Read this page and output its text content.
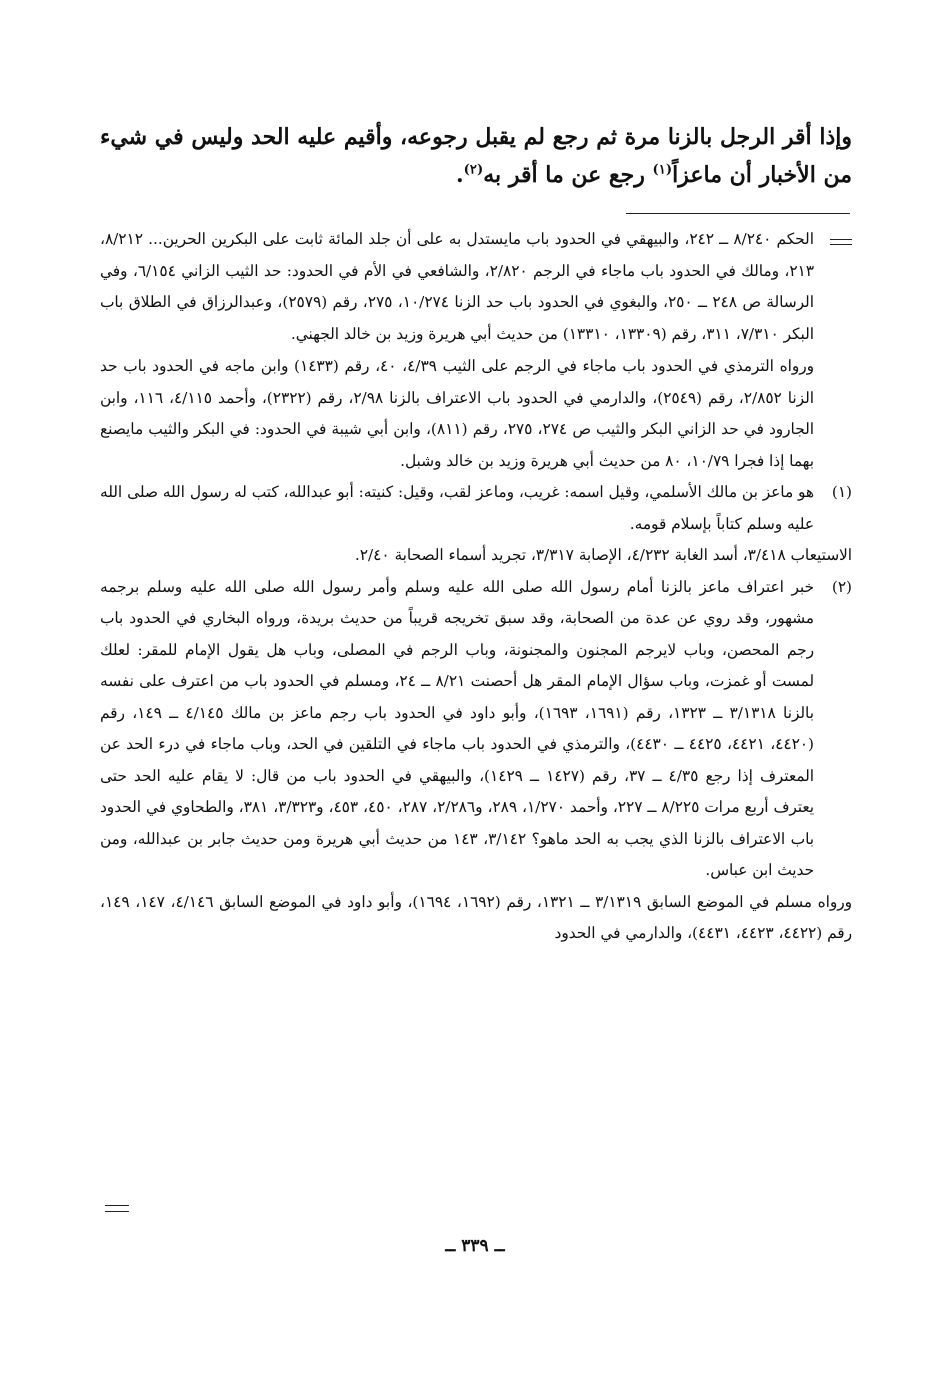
وإذا أقر الرجل بالزنا مرة ثم رجع لم يقبل رجوعه، وأقيم عليه الحد وليس في شيء من الأخبار أن ماعزاً$^{(١)}$ رجع عن ما أقر به$^{(٢)}$.

الحكم ٨/٢٤٠ ــ ٢٤٢، والبيهقي في الحدود باب مايستدل به على أن جلد المائة ثابت على البكرين الحرين... ٨/٢١٢، ٢١٣، ومالك في الحدود باب ماجاء في الرجم ٢/٨٢٠، والشافعي في الأم في الحدود: حد الثيب الزاني ٦/١٥٤، وفي الرسالة ص ٢٤٨ ــ ٢٥٠، والبغوي في الحدود باب حد الزنا ١٠/٢٧٤، ٢٧٥، رقم (٢٥٧٩)، وعبدالرزاق في الطلاق باب البكر ٧/٣١٠، ٣١١، رقم (١٣٣٠٩، ١٣٣١٠) من حديث أبي هريرة وزيد بن خالد الجهني.

ورواه الترمذي في الحدود باب ماجاء في الرجم على الثيب ٤/٣٩، ٤٠، رقم (١٤٣٣) وابن ماجه في الحدود باب حد الزنا ٢/٨٥٢، رقم (٢٥٤٩)، والدارمي في الحدود باب الاعتراف بالزنا ٢/٩٨، رقم (٢٣٢٢)، وأحمد ٤/١١٥، ١١٦، وابن الجارود في حد الزاني البكر والثيب ص ٢٧٤، ٢٧٥، رقم (٨١١)، وابن أبي شيبة في الحدود: في البكر والثيب مايصنع بهما إذا فجرا ١٠/٧٩، ٨٠ من حديث أبي هريرة وزيد بن خالد وشبل.

(١)

هو ماعز بن مالك الأسلمي، وقيل اسمه: غريب، وماعز لقب، وقيل: كنيته: أبو عبدالله، كتب له رسول الله صلى الله عليه وسلم كتاباً بإسلام قومه.

الاستيعاب ٣/٤١٨، أسد الغابة ٤/٢٣٢، الإصابة ٣/٣١٧، تجريد أسماء الصحابة ٢/٤٠.

(٢)

خبر اعتراف ماعز بالزنا أمام رسول الله صلى الله عليه وسلم وأمر رسول الله صلى الله عليه وسلم برجمه مشهور، وقد روي عن عدة من الصحابة، وقد سبق تخريجه قريباً من حديث بريدة، ورواه البخاري في الحدود باب رجم المحصن، وباب لايرجم المجنون والمجنونة، وباب الرجم في المصلى، وباب هل يقول الإمام للمقر: لعلك لمست أو غمزت، وباب سؤال الإمام المقر هل أحصنت ٨/٢١ ــ ٢٤، ومسلم في الحدود باب من اعترف على نفسه بالزنا ٣/١٣١٨ ــ ١٣٢٣، رقم (١٦٩١، ١٦٩٣)، وأبو داود في الحدود باب رجم ماعز بن مالك ٤/١٤٥ ــ ١٤٩، رقم (٤٤٢٠، ٤٤٢١، ٤٤٢٥ ــ ٤٤٣٠)، والترمذي في الحدود باب ماجاء في التلقين في الحد، وباب ماجاء في درء الحد عن المعترف إذا رجع ٤/٣٥ ــ ٣٧، رقم (١٤٢٧ ــ ١٤٢٩)، والبيهقي في الحدود باب من قال: لا يقام عليه الحد حتى يعترف أربع مرات ٨/٢٢٥ ــ ٢٢٧، وأحمد ١/٢٧٠، ٢٨٩، و٢/٢٨٦، ٢٨٧، ٤٥٠، ٤٥٣، و٣/٣٢٣، ٣٨١، والطحاوي في الحدود باب الاعتراف بالزنا الذي يجب به الحد ماهو؟ ٣/١٤٢، ١٤٣ من حديث أبي هريرة ومن حديث جابر بن عبدالله، ومن حديث ابن عباس.

ورواه مسلم في الموضع السابق ٣/١٣١٩ ــ ١٣٢١، رقم (١٦٩٢، ١٦٩٤)، وأبو داود في الموضع السابق ٤/١٤٦، ١٤٧، ١٤٩، رقم (٤٤٢٢، ٤٤٢٣، ٤٤٣١)، والدارمي في الحدود

ــ ٣٣٩ ــ
